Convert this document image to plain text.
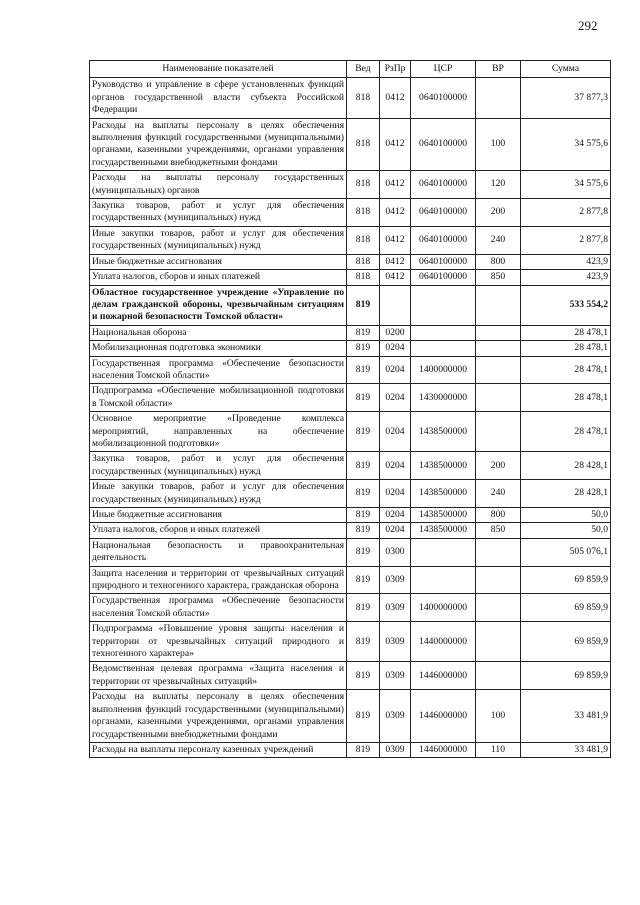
292
Наименование показателей	Вед	РзПр	ЦСР	ВР	Сумма
Руководство и управление в сфере установленных функций органов государственной власти субъекта Российской Федерации	818	0412	0640100000		37 877,3
Расходы на выплаты персоналу в целях обеспечения выполнения функций государственными (муниципальными) органами, казенными учреждениями, органами управления государственными внебюджетными фондами	818	0412	0640100000	100	34 575,6
Расходы на выплаты персоналу государственных (муниципальных) органов	818	0412	0640100000	120	34 575,6
Закупка товаров, работ и услуг для обеспечения государственных (муниципальных) нужд	818	0412	0640100000	200	2 877,8
Иные закупки товаров, работ и услуг для обеспечения государственных (муниципальных) нужд	818	0412	0640100000	240	2 877,8
Иные бюджетные ассигнования	818	0412	0640100000	800	423,9
Уплата налогов, сборов и иных платежей	818	0412	0640100000	850	423,9
Областное государственное учреждение «Управление по делам гражданской обороны, чрезвычайным ситуациям и пожарной безопасности Томской области»	819				533 554,2
Национальная оборона	819	0200			28 478,1
Мобилизационная подготовка экономики	819	0204			28 478,1
Государственная программа «Обеспечение безопасности населения Томской области»	819	0204	1400000000		28 478,1
Подпрограмма «Обеспечение мобилизационной подготовки в Томской области»	819	0204	1430000000		28 478,1
Основное мероприятие «Проведение комплекса мероприятий, направленных на обеспечение мобилизационной подготовки»	819	0204	1438500000		28 478,1
Закупка товаров, работ и услуг для обеспечения государственных (муниципальных) нужд	819	0204	1438500000	200	28 428,1
Иные закупки товаров, работ и услуг для обеспечения государственных (муниципальных) нужд	819	0204	1438500000	240	28 428,1
Иные бюджетные ассигнования	819	0204	1438500000	800	50,0
Уплата налогов, сборов и иных платежей	819	0204	1438500000	850	50,0
Национальная безопасность и правоохранительная деятельность	819	0300			505 076,1
Защита населения и территории от чрезвычайных ситуаций природного и техногенного характера, гражданская оборона	819	0309			69 859,9
Государственная программа «Обеспечение безопасности населения Томской области»	819	0309	1400000000		69 859,9
Подпрограмма «Повышение уровня защиты населения и территории от чрезвычайных ситуаций природного и техногенного характера»	819	0309	1440000000		69 859,9
Ведомственная целевая программа «Защита населения и территории от чрезвычайных ситуаций»	819	0309	1446000000		69 859,9
Расходы на выплаты персоналу в целях обеспечения выполнения функций государственными (муниципальными) органами, казенными учреждениями, органами управления государственными внебюджетными фондами	819	0309	1446000000	100	33 481,9
Расходы на выплаты персоналу казенных учреждений	819	0309	1446000000	110	33 481,9
